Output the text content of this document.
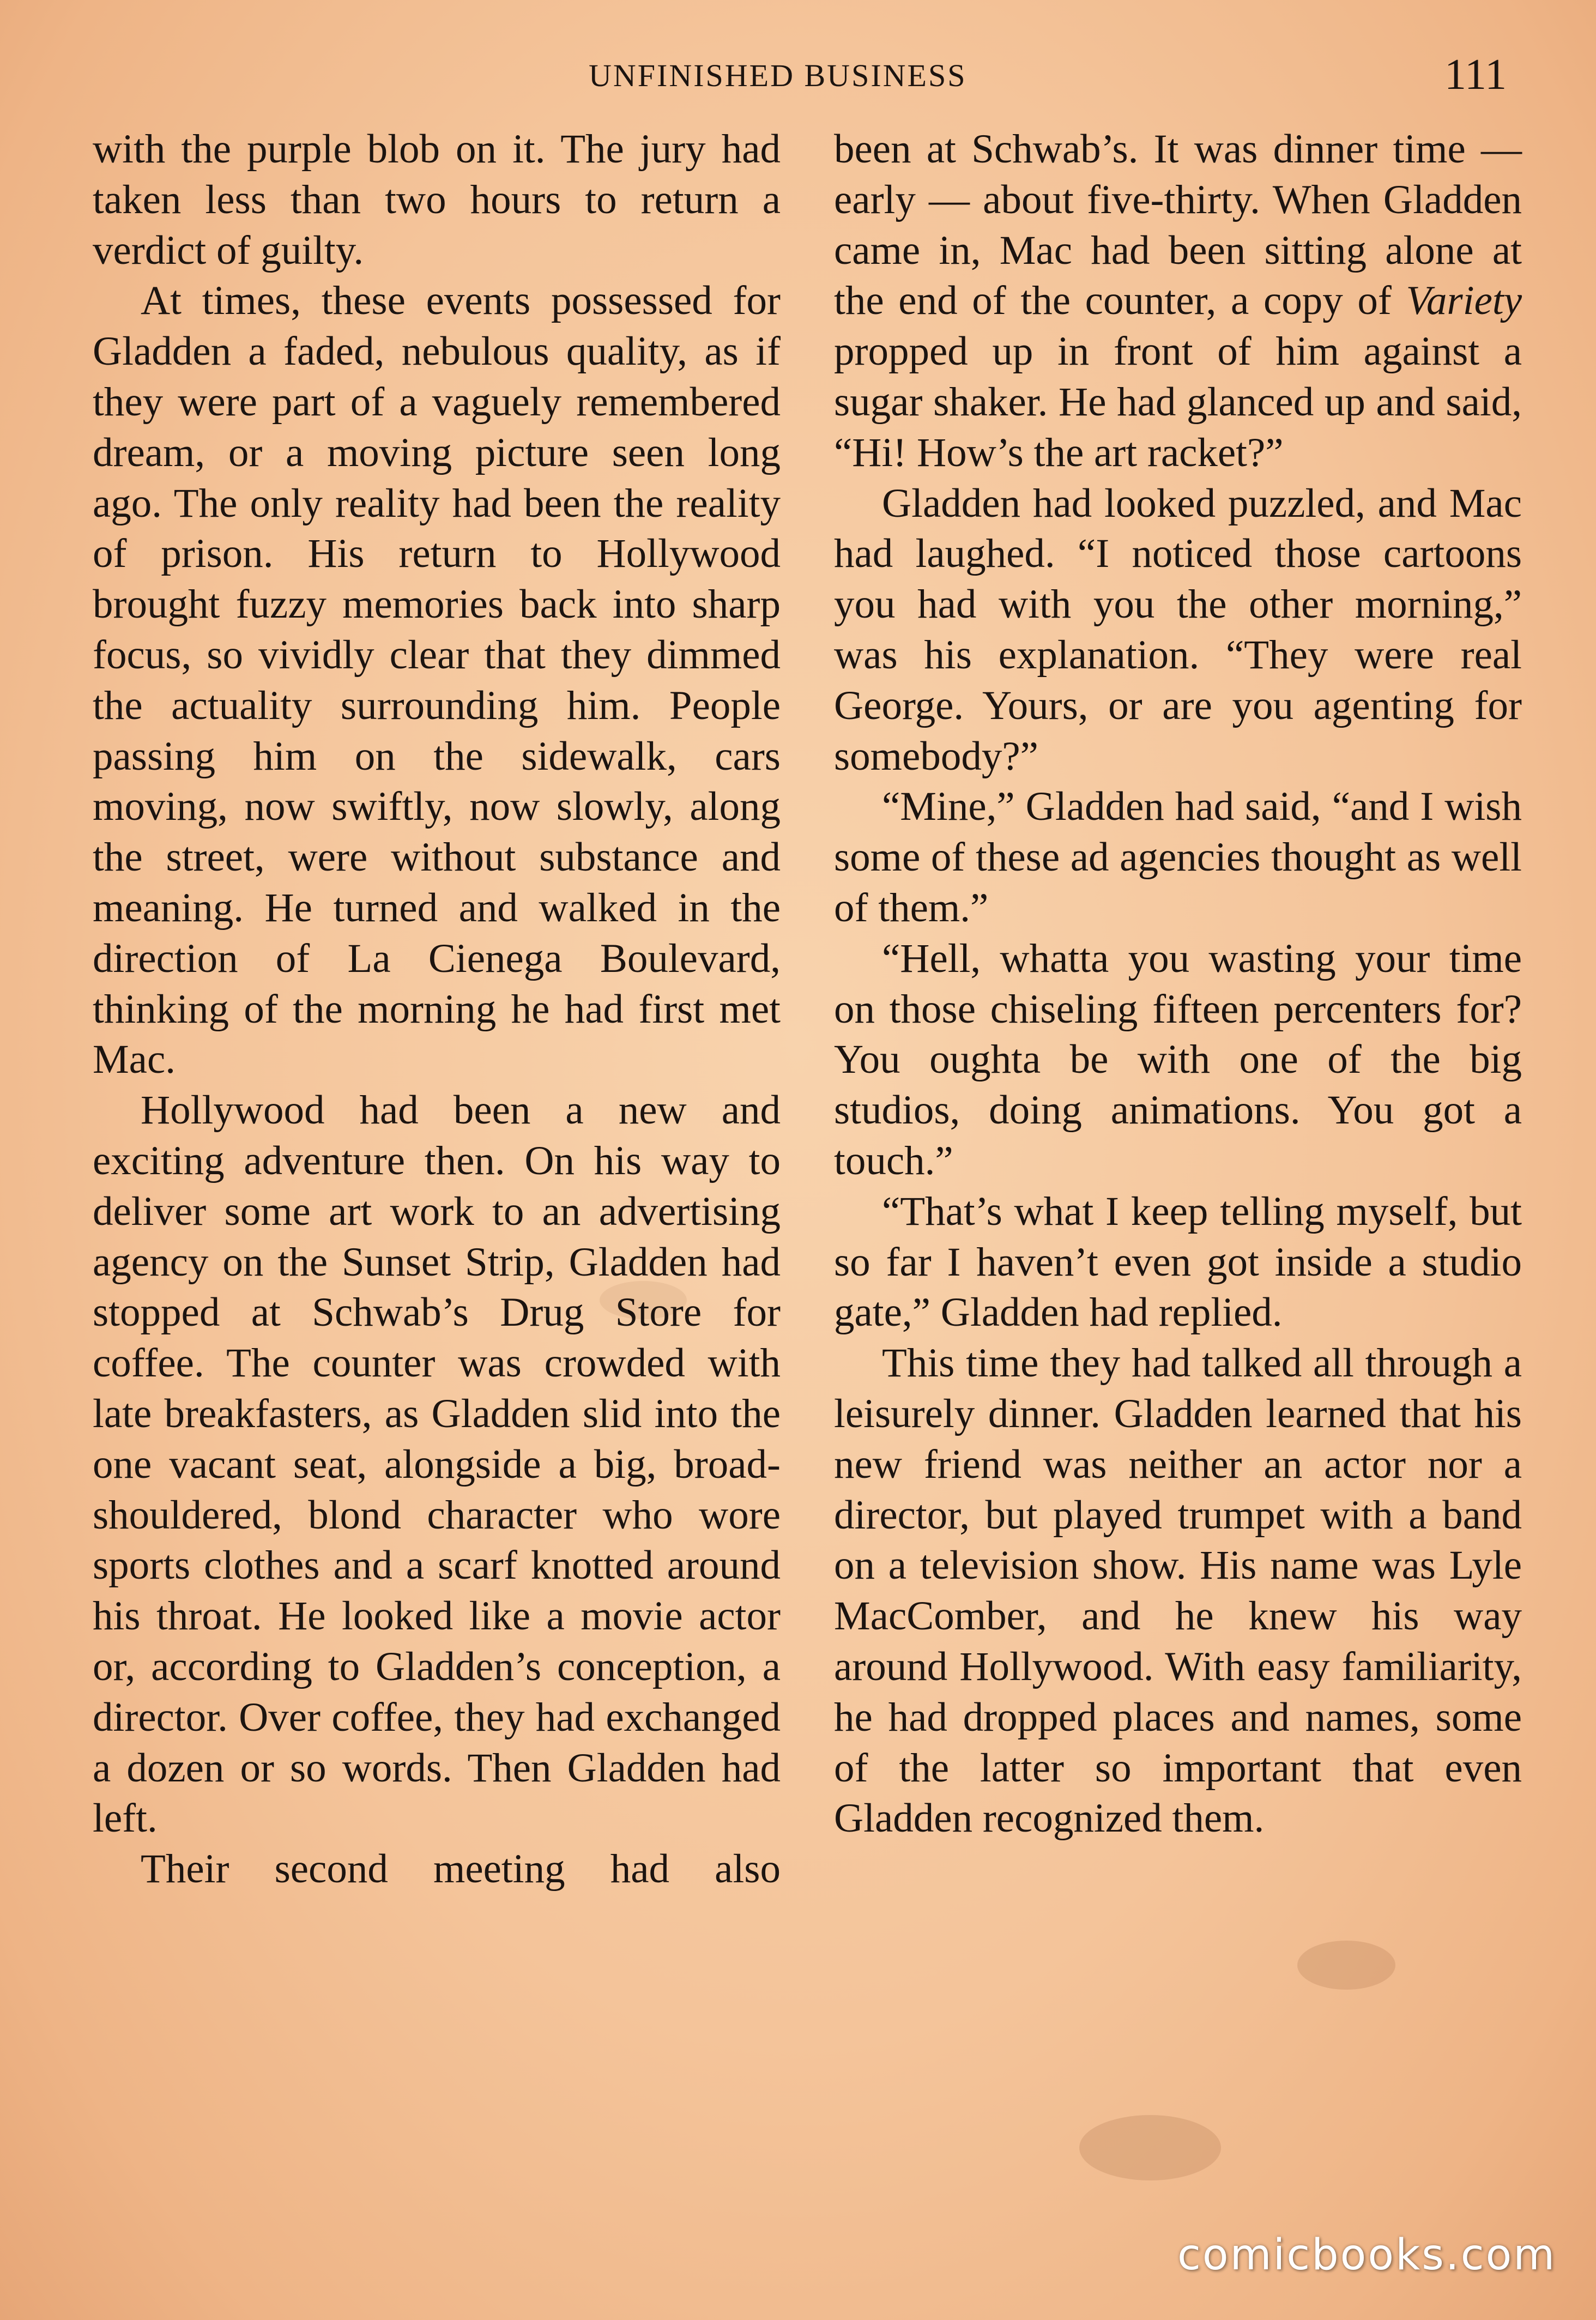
UNFINISHED BUSINESS	111

with the purple blob on it. The jury had taken less than two hours to return a verdict of guilty.

At times, these events possessed for Gladden a faded, nebulous quality, as if they were part of a vaguely remembered dream, or a moving picture seen long ago. The only reality had been the reality of prison. His return to Hollywood brought fuzzy memories back into sharp focus, so vividly clear that they dimmed the actuality surrounding him. People passing him on the sidewalk, cars moving, now swiftly, now slowly, along the street, were without substance and meaning. He turned and walked in the direction of La Cienega Boulevard, thinking of the morning he had first met Mac.

Hollywood had been a new and exciting adventure then. On his way to deliver some art work to an advertising agency on the Sunset Strip, Gladden had stopped at Schwab’s Drug Store for coffee. The counter was crowded with late breakfasters, as Gladden slid into the one vacant seat, alongside a big, broad-shouldered, blond character who wore sports clothes and a scarf knotted around his throat. He looked like a movie actor or, according to Gladden’s conception, a director. Over coffee, they had exchanged a dozen or so words. Then Gladden had left.

Their second meeting had also

been at Schwab’s. It was dinner time — early — about five-thirty. When Gladden came in, Mac had been sitting alone at the end of the counter, a copy of Variety propped up in front of him against a sugar shaker. He had glanced up and said, “Hi! How’s the art racket?”

Gladden had looked puzzled, and Mac had laughed. “I noticed those cartoons you had with you the other morning,” was his explanation. “They were real George. Yours, or are you agenting for somebody?”

“Mine,” Gladden had said, “and I wish some of these ad agencies thought as well of them.”

“Hell, whatta you wasting your time on those chiseling fifteen percenters for? You oughta be with one of the big studios, doing animations. You got a touch.”

“That’s what I keep telling myself, but so far I haven’t even got inside a studio gate,” Gladden had replied.

This time they had talked all through a leisurely dinner. Gladden learned that his new friend was neither an actor nor a director, but played trumpet with a band on a television show. His name was Lyle MacComber, and he knew his way around Hollywood. With easy familiarity, he had dropped places and names, some of the latter so important that even Gladden recognized them.

comicbooks.com
